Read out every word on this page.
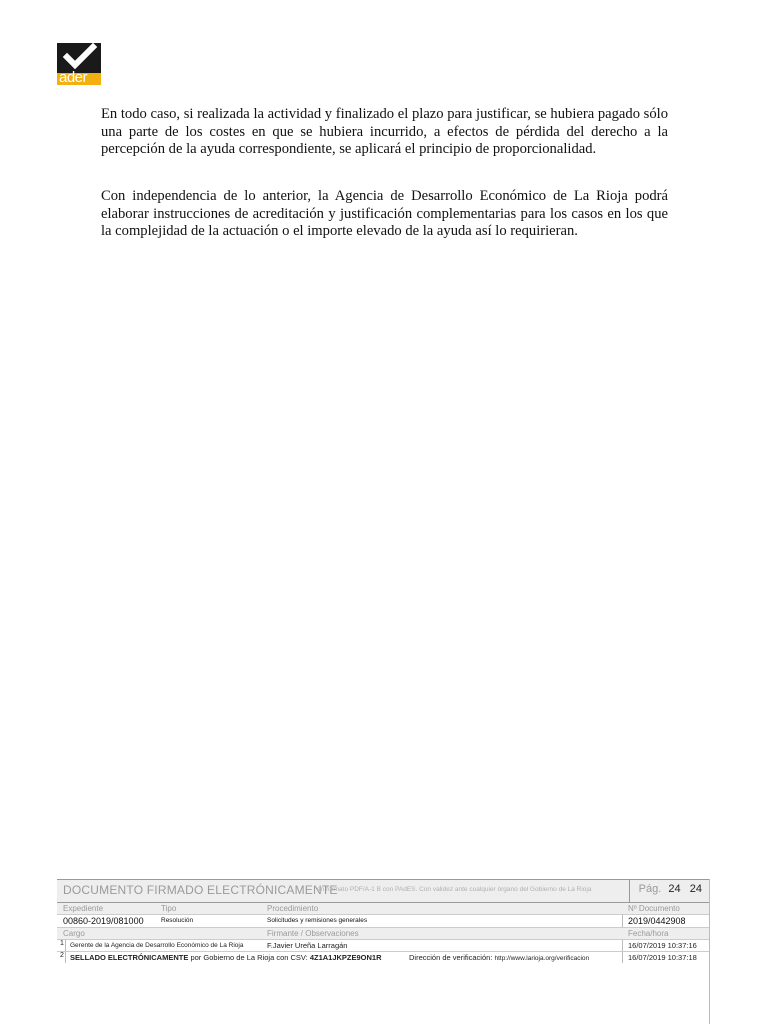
ader

En todo caso, si realizada la actividad y finalizado el plazo para justificar, se hubiera pagado sólo una parte de los costes en que se hubiera incurrido, a efectos de pérdida del derecho a la percepción de la ayuda correspondiente, se aplicará el principio de proporcionalidad.

Con independencia de lo anterior, la Agencia de Desarrollo Económico de La Rioja podrá elaborar instrucciones de acreditación y justificación complementarias para los casos en los que la complejidad de la actuación o el importe elevado de la ayuda así lo requirieran.

DOCUMENTO FIRMADO ELECTRÓNICAMENTE
en formato PDF/A-1 B con PAdES. Con validez ante cualquier órgano del Gobierno de La Rioja	Pág. 24 24
Expediente	Tipo	Procedimiento	Nº Documento
00860-2019/081000	Resolución	Solicitudes y remisiones generales	2019/0442908
Cargo	Firmante / Observaciones	Fecha/hora
1 Gerente de la Agencia de Desarrollo Económico de La Rioja	F.Javier Ureña Larragán	16/07/2019 10:37:16
2 SELLADO ELECTRÓNICAMENTE por Gobierno de La Rioja con CSV: 4Z1A1JKPZE9ON1R	Dirección de verificación: http://www.larioja.org/verificacion	16/07/2019 10:37:18
